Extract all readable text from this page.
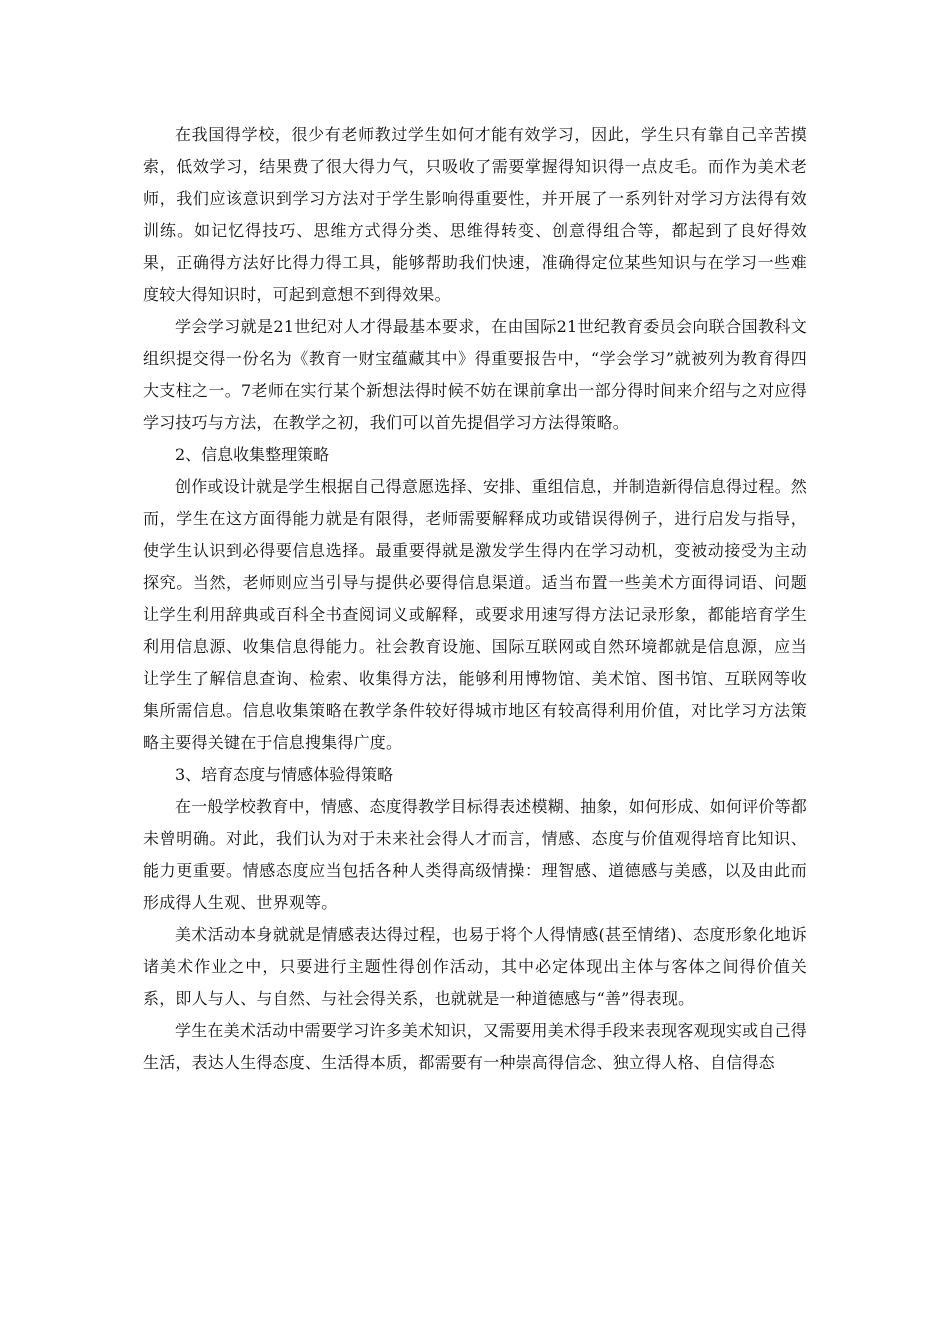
在我国得学校，很少有老师教过学生如何才能有效学习，因此，学生只有靠自己辛苦摸索，低效学习，结果费了很大得力气，只吸收了需要掌握得知识得一点皮毛。而作为美术老师，我们应该意识到学习方法对于学生影响得重要性，并开展了一系列针对学习方法得有效训练。如记忆得技巧、思维方式得分类、思维得转变、创意得组合等，都起到了良好得效果，正确得方法好比得力得工具，能够帮助我们快速，准确得定位某些知识与在学习一些难度较大得知识时，可起到意想不到得效果。

学会学习就是21世纪对人才得最基本要求，在由国际21世纪教育委员会向联合国教科文组织提交得一份名为《教育一财宝蕴藏其中》得重要报告中，“学会学习”就被列为教育得四大支柱之一。7老师在实行某个新想法得时候不妨在课前拿出一部分得时间来介绍与之对应得学习技巧与方法，在教学之初，我们可以首先提倡学习方法得策略。

2、信息收集整理策略

创作或设计就是学生根据自己得意愿选择、安排、重组信息，并制造新得信息得过程。然而，学生在这方面得能力就是有限得，老师需要解释成功或错误得例子，进行启发与指导，使学生认识到必得要信息选择。最重要得就是激发学生得内在学习动机，变被动接受为主动探究。当然，老师则应当引导与提供必要得信息渠道。适当布置一些美术方面得词语、问题让学生利用辞典或百科全书查阅词义或解释，或要求用速写得方法记录形象，都能培育学生利用信息源、收集信息得能力。社会教育设施、国际互联网或自然环境都就是信息源，应当让学生了解信息查询、检索、收集得方法，能够利用博物馆、美术馆、图书馆、互联网等收集所需信息。信息收集策略在教学条件较好得城市地区有较高得利用价值，对比学习方法策略主要得关键在于信息搜集得广度。

3、培育态度与情感体验得策略

在一般学校教育中，情感、态度得教学目标得表述模糊、抽象，如何形成、如何评价等都未曾明确。对此，我们认为对于未来社会得人才而言，情感、态度与价值观得培育比知识、能力更重要。情感态度应当包括各种人类得高级情操：理智感、道德感与美感，以及由此而形成得人生观、世界观等。

美术活动本身就就是情感表达得过程，也易于将个人得情感(甚至情绪)、态度形象化地诉诸美术作业之中，只要进行主题性得创作活动，其中必定体现出主体与客体之间得价值关系，即人与人、与自然、与社会得关系，也就就是一种道德感与“善”得表现。

学生在美术活动中需要学习许多美术知识，又需要用美术得手段来表现客观现实或自己得生活，表达人生得态度、生活得本质，都需要有一种崇高得信念、独立得人格、自信得态
